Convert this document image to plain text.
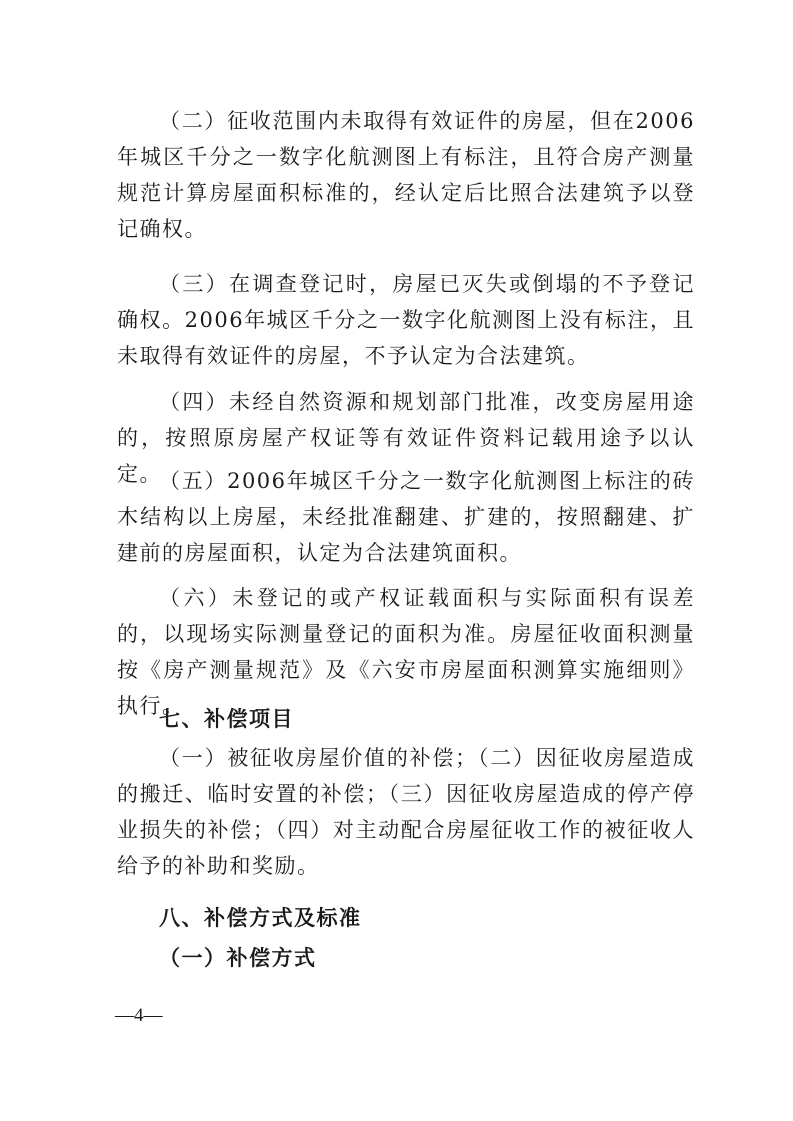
（二）征收范围内未取得有效证件的房屋，但在2006年城区千分之一数字化航测图上有标注，且符合房产测量规范计算房屋面积标准的，经认定后比照合法建筑予以登记确权。

（三）在调查登记时，房屋已灭失或倒塌的不予登记确权。2006年城区千分之一数字化航测图上没有标注，且未取得有效证件的房屋，不予认定为合法建筑。

（四）未经自然资源和规划部门批准，改变房屋用途的，按照原房屋产权证等有效证件资料记载用途予以认定。

（五）2006年城区千分之一数字化航测图上标注的砖木结构以上房屋，未经批准翻建、扩建的，按照翻建、扩建前的房屋面积，认定为合法建筑面积。

（六）未登记的或产权证载面积与实际面积有误差的，以现场实际测量登记的面积为准。房屋征收面积测量按《房产测量规范》及《六安市房屋面积测算实施细则》执行。

七、补偿项目

（一）被征收房屋价值的补偿；（二）因征收房屋造成的搬迁、临时安置的补偿；（三）因征收房屋造成的停产停业损失的补偿；（四）对主动配合房屋征收工作的被征收人给予的补助和奖励。

八、补偿方式及标准
（一）补偿方式

—4—
